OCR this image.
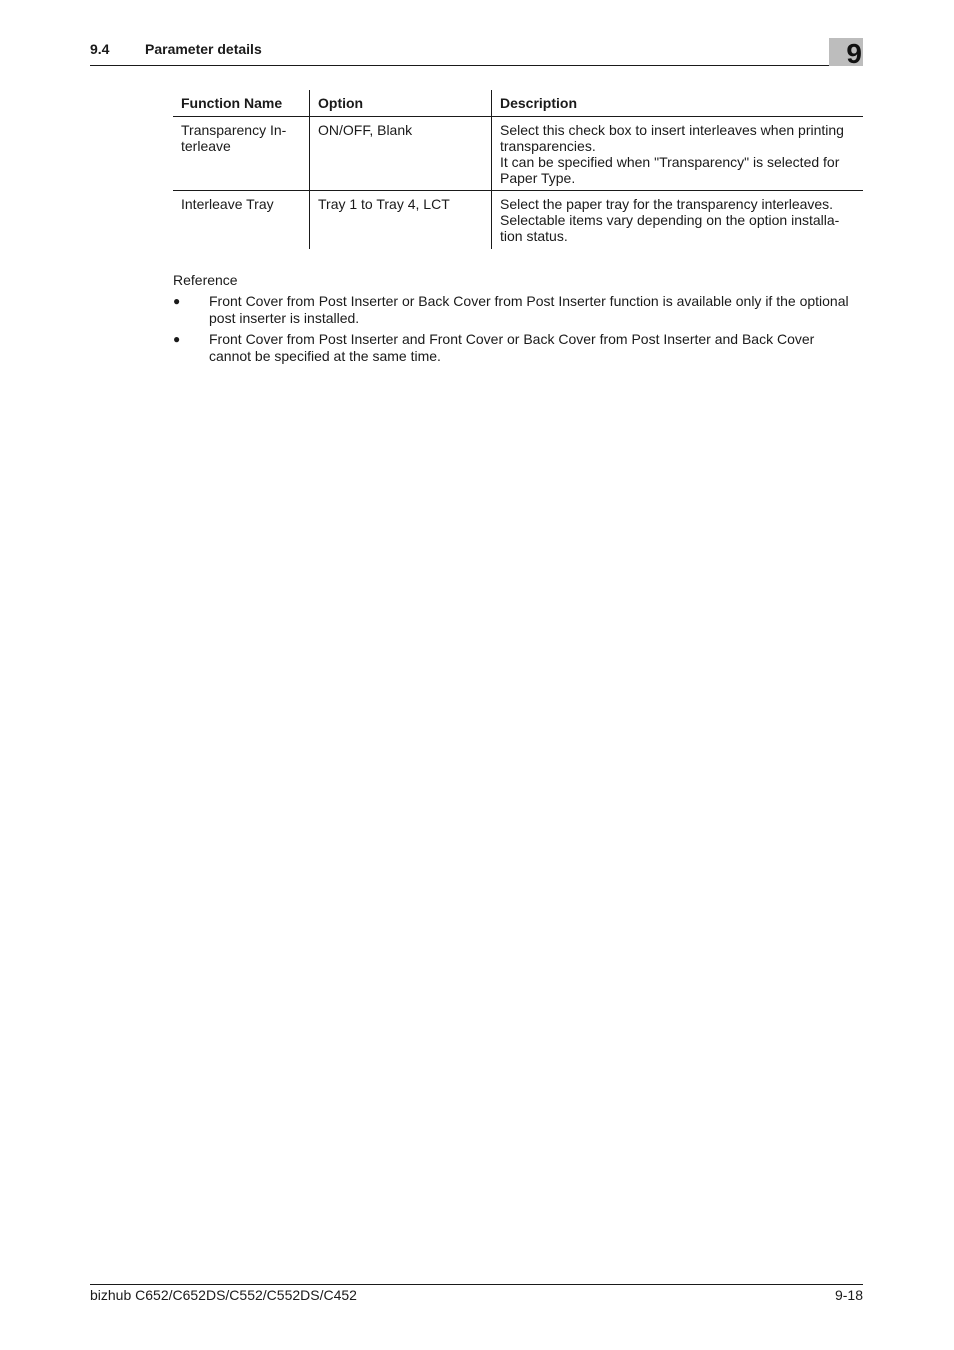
9.4	Parameter details	9
Function Name	Option	Description

Transparency In-
terleave	ON/OFF, Blank	Select this check box to insert interleaves when printing
transparencies.
It can be specified when "Transparency" is selected for
Paper Type.

Interleave Tray	Tray 1 to Tray 4, LCT	Select the paper tray for the transparency interleaves.
Selectable items vary depending on the option installa-
tion status.
Reference
● Front Cover from Post Inserter or Back Cover from Post Inserter function is available only if the optional
post inserter is installed.
● Front Cover from Post Inserter and Front Cover or Back Cover from Post Inserter and Back Cover
cannot be specified at the same time.
bizhub C652/C652DS/C552/C552DS/C452	9-18
